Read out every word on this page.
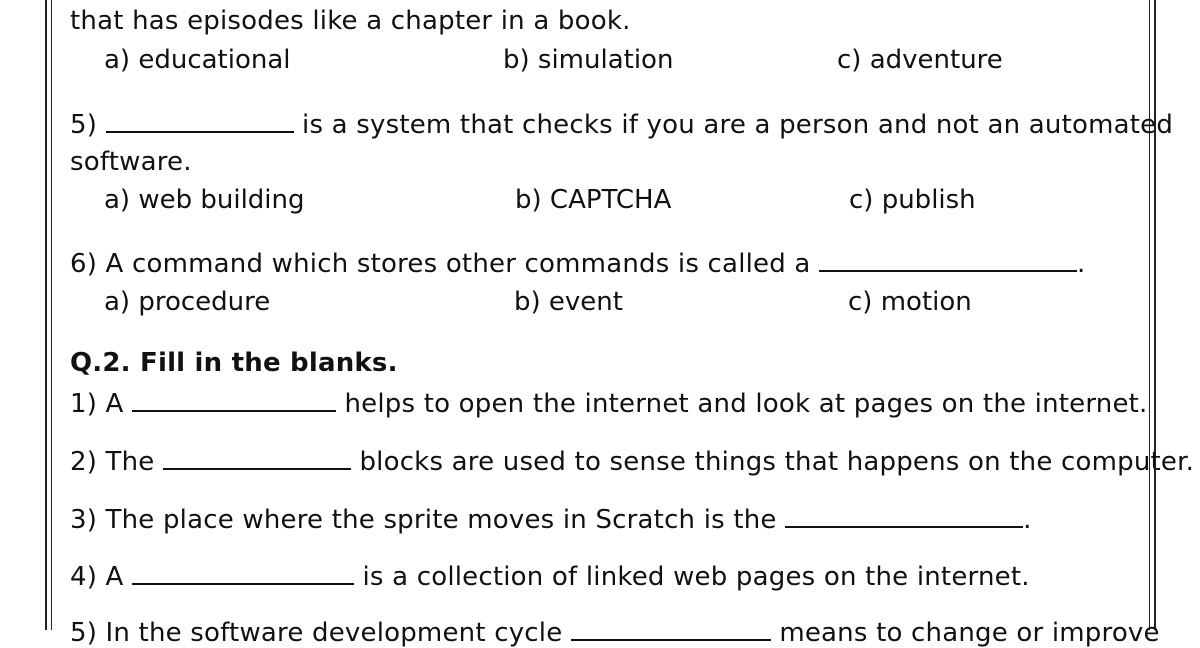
that has episodes like a chapter in a book.
a) educational	b) simulation	c) adventure
5)	is a system that checks if you are a person and not an automated
software.
a) web building	b) CAPTCHA	c) publish
6) A command which stores other commands is called a	.
a) procedure	b) event	c) motion
Q.2. Fill in the blanks.
1) A	helps to open the internet and look at pages on the internet.
2) The	blocks are used to sense things that happens on the computer.
3) The place where the sprite moves in Scratch is the	.
4) A	is a collection of linked web pages on the internet.
5) In the software development cycle	means to change or improve
